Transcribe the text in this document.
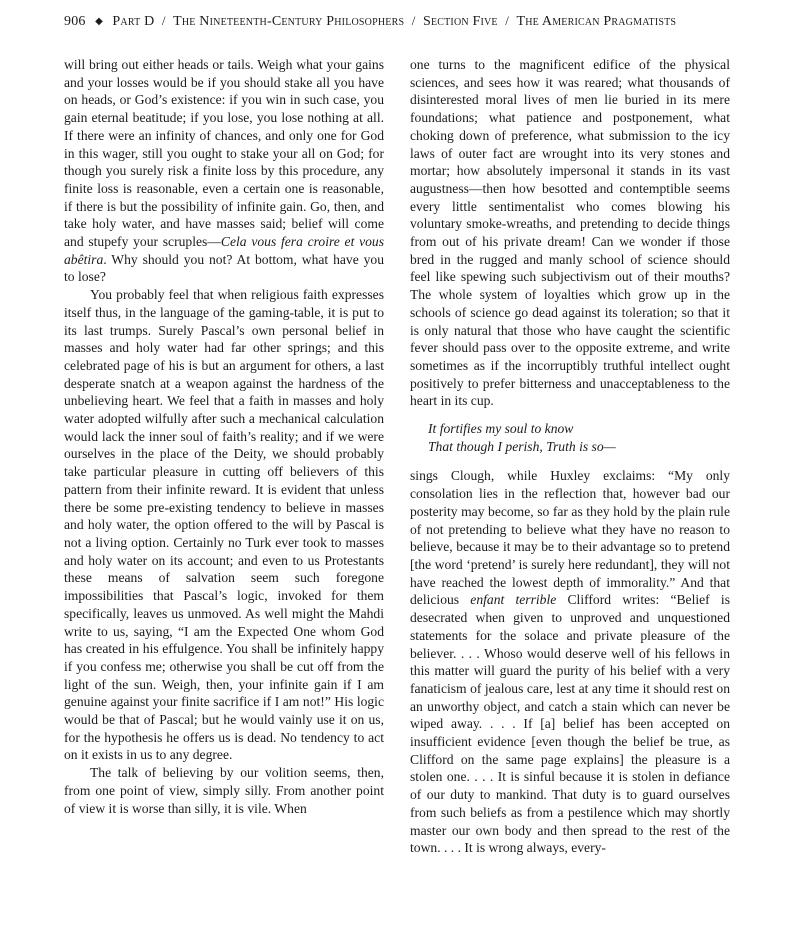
906 ◆ Part D / The Nineteenth-Century Philosophers / Section Five / The American Pragmatists

will bring out either heads or tails. Weigh what your gains and your losses would be if you should stake all you have on heads, or God’s existence: if you win in such case, you gain eternal beatitude; if you lose, you lose nothing at all. If there were an infinity of chances, and only one for God in this wager, still you ought to stake your all on God; for though you surely risk a finite loss by this procedure, any finite loss is reasonable, even a certain one is reasonable, if there is but the possibility of infinite gain. Go, then, and take holy water, and have masses said; belief will come and stupefy your scruples—Cela vous fera croire et vous abêtira. Why should you not? At bottom, what have you to lose?

You probably feel that when religious faith expresses itself thus, in the language of the gaming-table, it is put to its last trumps. Surely Pascal’s own personal belief in masses and holy water had far other springs; and this celebrated page of his is but an argument for others, a last desperate snatch at a weapon against the hardness of the unbelieving heart. We feel that a faith in masses and holy water adopted wilfully after such a mechanical calculation would lack the inner soul of faith’s reality; and if we were ourselves in the place of the Deity, we should probably take particular pleasure in cutting off believers of this pattern from their infinite reward. It is evident that unless there be some pre-existing tendency to believe in masses and holy water, the option offered to the will by Pascal is not a living option. Certainly no Turk ever took to masses and holy water on its account; and even to us Protestants these means of salvation seem such foregone impossibilities that Pascal’s logic, invoked for them specifically, leaves us unmoved. As well might the Mahdi write to us, saying, “I am the Expected One whom God has created in his effulgence. You shall be infinitely happy if you confess me; otherwise you shall be cut off from the light of the sun. Weigh, then, your infinite gain if I am genuine against your finite sacrifice if I am not!” His logic would be that of Pascal; but he would vainly use it on us, for the hypothesis he offers us is dead. No tendency to act on it exists in us to any degree.

The talk of believing by our volition seems, then, from one point of view, simply silly. From another point of view it is worse than silly, it is vile. When

one turns to the magnificent edifice of the physical sciences, and sees how it was reared; what thousands of disinterested moral lives of men lie buried in its mere foundations; what patience and postponement, what choking down of preference, what submission to the icy laws of outer fact are wrought into its very stones and mortar; how absolutely impersonal it stands in its vast augustness—then how besotted and contemptible seems every little sentimentalist who comes blowing his voluntary smoke-wreaths, and pretending to decide things from out of his private dream! Can we wonder if those bred in the rugged and manly school of science should feel like spewing such subjectivism out of their mouths? The whole system of loyalties which grow up in the schools of science go dead against its toleration; so that it is only natural that those who have caught the scientific fever should pass over to the opposite extreme, and write sometimes as if the incorruptibly truthful intellect ought positively to prefer bitterness and unacceptableness to the heart in its cup.

It fortifies my soul to know
That though I perish, Truth is so—

sings Clough, while Huxley exclaims: “My only consolation lies in the reflection that, however bad our posterity may become, so far as they hold by the plain rule of not pretending to believe what they have no reason to believe, because it may be to their advantage so to pretend [the word ‘pretend’ is surely here redundant], they will not have reached the lowest depth of immorality.” And that delicious enfant terrible Clifford writes: “Belief is desecrated when given to unproved and unquestioned statements for the solace and private pleasure of the believer. . . . Whoso would deserve well of his fellows in this matter will guard the purity of his belief with a very fanaticism of jealous care, lest at any time it should rest on an unworthy object, and catch a stain which can never be wiped away. . . . If [a] belief has been accepted on insufficient evidence [even though the belief be true, as Clifford on the same page explains] the pleasure is a stolen one. . . . It is sinful because it is stolen in defiance of our duty to mankind. That duty is to guard ourselves from such beliefs as from a pestilence which may shortly master our own body and then spread to the rest of the town. . . . It is wrong always, every-
